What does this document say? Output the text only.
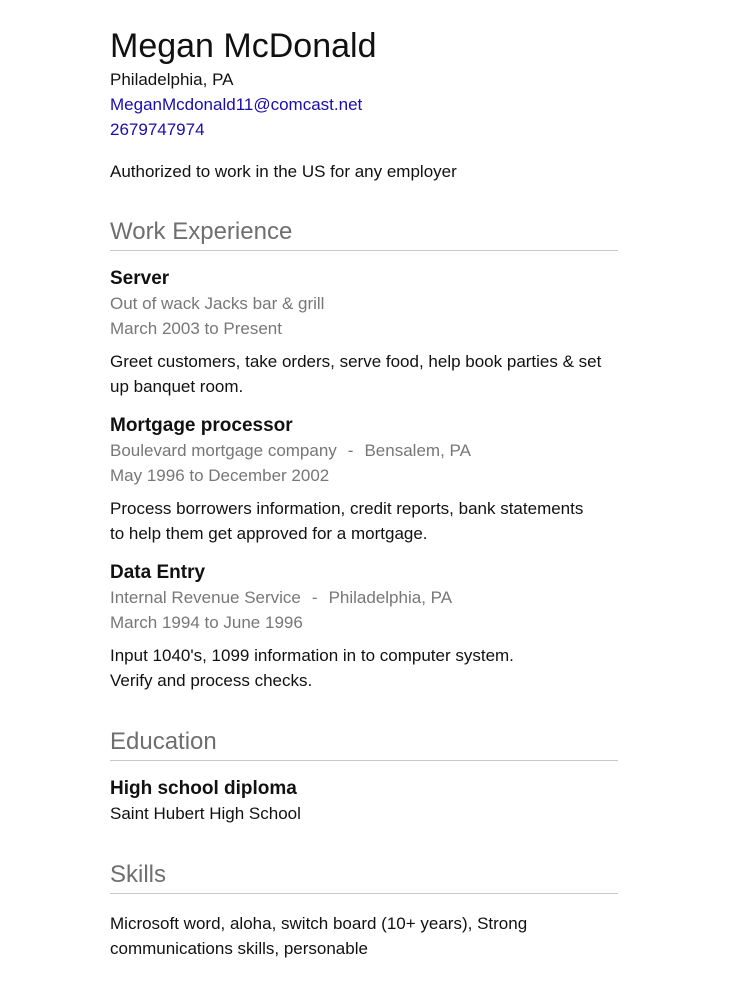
Megan McDonald
Philadelphia, PA
MeganMcdonald11@comcast.net
2679747974
Authorized to work in the US for any employer
Work Experience
Server
Out of wack Jacks bar & grill
March 2003 to Present
Greet customers, take orders, serve food, help book parties & set
up banquet room.
Mortgage processor
Boulevard mortgage company - Bensalem, PA
May 1996 to December 2002
Process borrowers information, credit reports, bank statements
to help them get approved for a mortgage.
Data Entry
Internal Revenue Service - Philadelphia, PA
March 1994 to June 1996
Input 1040's, 1099 information in to computer system.
Verify and process checks.
Education
High school diploma
Saint Hubert High School
Skills
Microsoft word, aloha, switch board (10+ years), Strong
communications skills, personable
